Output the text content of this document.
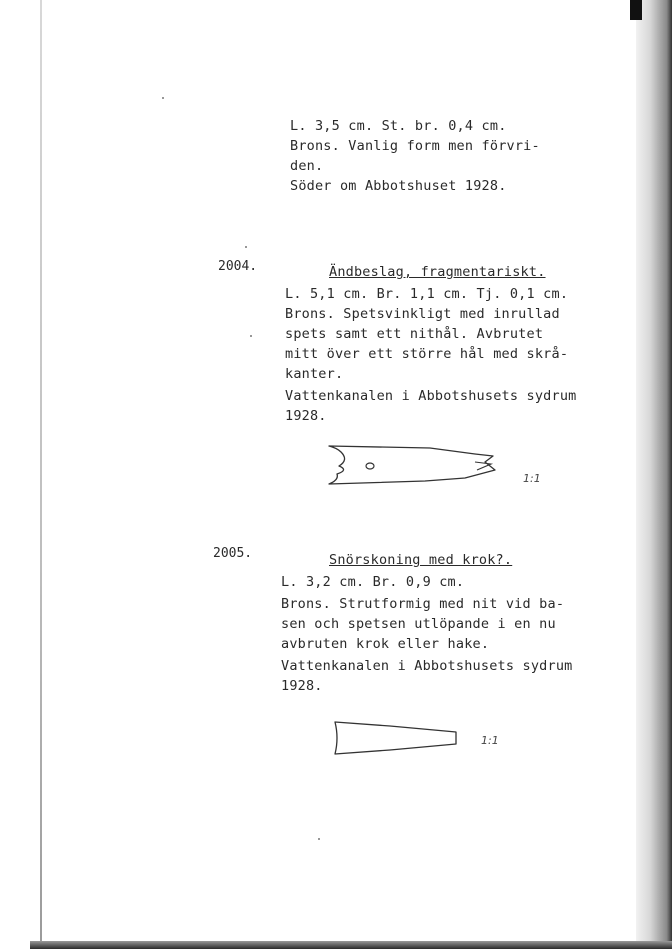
L. 3,5 cm. St. br. 0,4 cm.
Brons. Vanlig form men förvri-
den.
Söder om Abbotshuset 1928.
2004.	Ändbeslag, fragmentariskt.
L. 5,1 cm. Br. 1,1 cm. Tj. 0,1 cm.
Brons. Spetsvinkligt med inrullad
spets samt ett nithål. Avbrutet
mitt över ett större hål med skrå-
kanter.
Vattenkanalen i Abbotshusets sydrum
1928.
1:1
2005.	Snörskoning med krok?.
L. 3,2 cm. Br. 0,9 cm.
Brons. Strutformig med nit vid ba-
sen och spetsen utlöpande i en nu
avbruten krok eller hake.
Vattenkanalen i Abbotshusets sydrum
1928.
1:1
